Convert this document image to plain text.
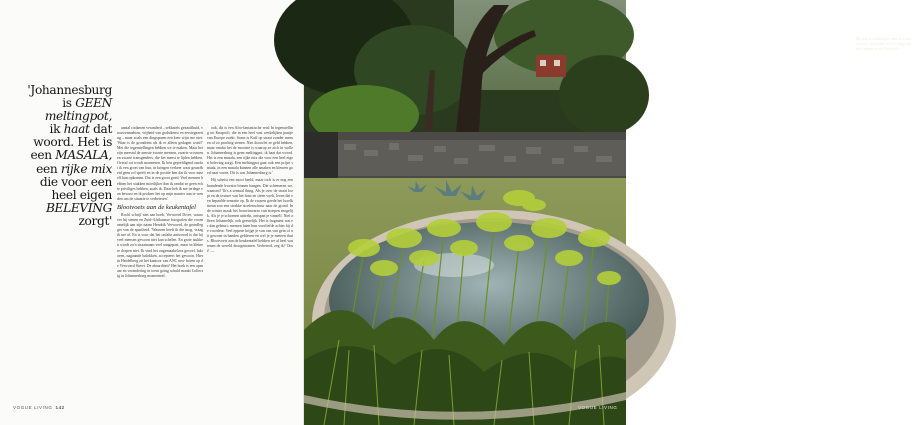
'Johannesburg
is GEEN
meltingpot,
ik haat dat
woord. Het is
een MASALA,
een rijke mix
die voor een
heel eigen
BELEVING
zorgt'

aantal rookmen veranderd – sekkatels gezaaifhuid, vrouwenmehten, vrijheid van godsdienst en eerstegezeting – maar zoals een dingspoem een keer wijst me niet: 'Waar is de grondrem als ik er alleen gedagen wont?' Met die tegenstellingen hebben we te maken. Maar het zijn meestal de armste zwarte mensen, zwarte vrouwen en zwarte transgenders, die het meest te lijden hebben. Overal rot wordt monnesen. Ik ben gepreldigend omdat ik een groei van hun, in kringen verkeer waar geaarfbeid geen rol speelt en in de positie ben dat ik voor mezelf kan opkomen. Dat is een groot goed. Veel mensen hebben het stukken moeilijker dan ik omdat ze geen echte priviliges hebben, zoals ik. Daar heb ik me terdege van bewust en ik probeer het op mijn manier aan te wenden om de situatie te verbeteren.'

Blootvoets aan de keukentafel

Rochl schrijf niet aan boek, Verwoerd Drive, waarover hij stenen en Zuid-Afrikaanse fotografen die voornamelijk aan zijn naam Hendrik Verwoerd, de grondlegger van de apartheid. 'Waarom heeft ik die mog, vraag ik me af. En is voor dat het onfalte antwoord is dat hij veel mensen gewoon niet kan schelen. En grote stukken wordt zo'n straatnaam veel aangepast, maar in kleinere dorpen niet. Ik vind het ongemaakeloos gevoel, lukraven, nagaande balokken, accepteert het gewoon. Hier in Heidelberg zit het kantoor van ANC new boven op de Verwoerd Street. De absurditeit! Het boek is een opmaar en verandering in toeni going schuld maakt Collectig in Johannesburg momenteel.

ook, dit is een Afro-fantastische reisl In tegenstelling tot Knaprofi, die in een heel vast werkelijken puntje van Europe zoekt. Soms is Kaff op straat zonder mensen of zo prachtig stenen. Niet dooorlet ze geld hebben, maar omdat het de mooiste is waarop ze zich in wollen. Johannesburg is geen meltingpot, ik haat dat woord. Het is een masala, een rijke mix die voor een heel eigen beleving zorgt. Een meltingpot gaat ook een prijze smaak, in een masala kunnen alle smaken en kleuren goed naar voren. Dit is wat Johannesburg is.'

Hij schetst een mooi beeld, maar toch is er nog een brandende kwestie binnen hangen. Die schemeren we, waarom? 'Ik's a sensual thing. Als je over de straat loopt en de texture van het hout en steen voelt, leven dat een bepaalde sensatie op. Ik de zwaren goede het luxelk meun zon een strakke stoelenschuur naar de grond. In de winter maak het bouwinwarm van stoepen mogelijk. Als je je schoenen uittrekt, ontspan je vanzelf. Niet alleen lichamelijk, ook geestelijk. Het is fragment wat er dan gebeurt; mensen laten hun voorliefde achter bij de voordeur. Veel epprne krijge je van ons van gein of uit gewone in handen gebleven en wel je je meteen thuis. Blootvoets aan de keukentafel hebben we al heel wat tenen de wereld doorgenomen. Verbeterd, zeg ik? Oost! —

VOGUE LIVING 142
De tuin is ontworpen naar het idee van een verzonken vijver, omgeven door papyrus en Kniphofia.
VOGUE LIVING
